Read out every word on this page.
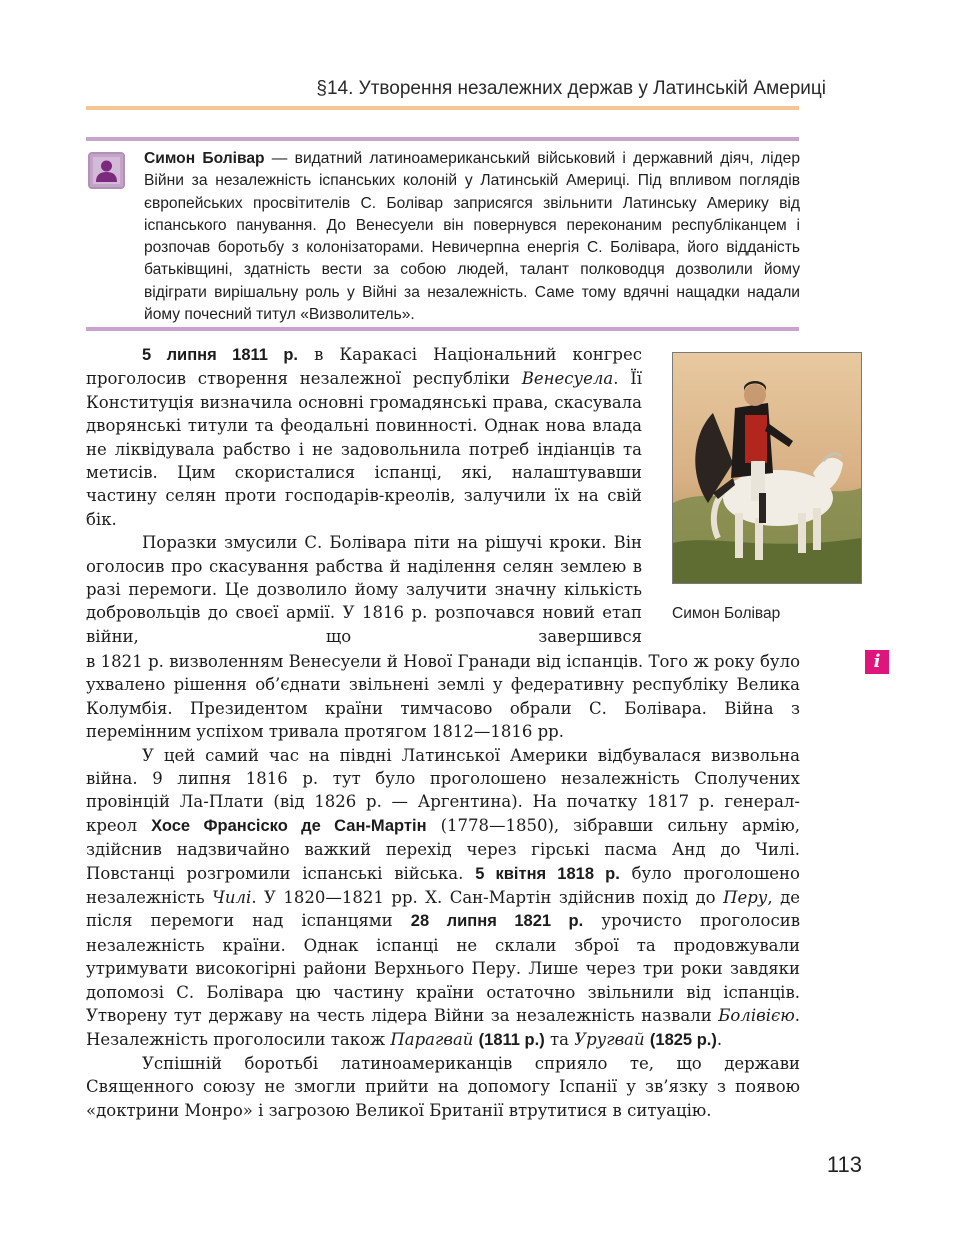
§14. Утворення незалежних держав у Латинській Америці
Симон Болівар — видатний латиноамериканський військовий і державний діяч, лідер Війни за незалежність іспанських колоній у Латинській Америці. Під впливом поглядів європейських просвітителів С. Болівар заприсягся звільнити Латинську Америку від іспанського панування. До Венесуели він повернувся переконаним республіканцем і розпочав боротьбу з колонізаторами. Невичерпна енергія С. Болівара, його відданість батьківщині, здатність вести за собою людей, талант полководця дозволили йому відіграти вирішальну роль у Війні за незалежність. Саме тому вдячні нащадки надали йому почесний титул «Визволитель».
Симон Болівар
i

5 липня 1811 р. в Каракасі Національний конгрес проголосив створення незалежної республіки Венесуела. Її Конституція визначила основні громадянські права, скасувала дворянські титули та феодальні повинності. Однак нова влада не ліквідувала рабство і не задовольнила потреб індіанців та метисів. Цим скористалися іспанці, які, налаштувавши частину селян проти господарів-креолів, залучили їх на свій бік.

Поразки змусили С. Болівара піти на рішучі кроки. Він оголосив про скасування рабства й наділення селян землею в разі перемоги. Це дозволило йому залучити значну кількість добровольців до своєї армії. У 1816 р. розпочався новий етап війни, що завершився

в 1821 р. визволенням Венесуели й Нової Гранади від іспанців. Того ж року було ухвалено рішення об’єднати звільнені землі у федеративну республіку Велика Колумбія. Президентом країни тимчасово обрали С. Болівара. Війна з перемінним успіхом тривала протягом 1812—1816 рр.

У цей самий час на півдні Латинської Америки відбувалася визвольна війна. 9 липня 1816 р. тут було проголошено незалежність Сполучених провінцій Ла-Плати (від 1826 р. — Аргентина). На початку 1817 р. генерал-креол Хосе Франсіско де Сан-Мартін (1778—1850), зібравши сильну армію, здійснив надзвичайно важкий перехід через гірські пасма Анд до Чилі. Повстанці розгромили іспанські війська. 5 квітня 1818 р. було проголошено незалежність Чилі. У 1820—1821 рр. Х. Сан-Мартін здійснив похід до Перу, де після перемоги над іспанцями 28 липня 1821 р. урочисто проголосив незалежність країни. Однак іспанці не склали зброї та продовжували утримувати високогірні райони Верхнього Перу. Лише через три роки завдяки допомозі С. Болівара цю частину країни остаточно звільнили від іспанців. Утворену тут державу на честь лідера Війни за незалежність назвали Болівією. Незалежність проголосили також Парагвай (1811 р.) та Уругвай (1825 р.).

Успішній боротьбі латиноамериканців сприяло те, що держави Священного союзу не змогли прийти на допомогу Іспанії у зв’язку з появою «доктрини Монро» і загрозою Великої Британії втрутитися в ситуацію.

113
